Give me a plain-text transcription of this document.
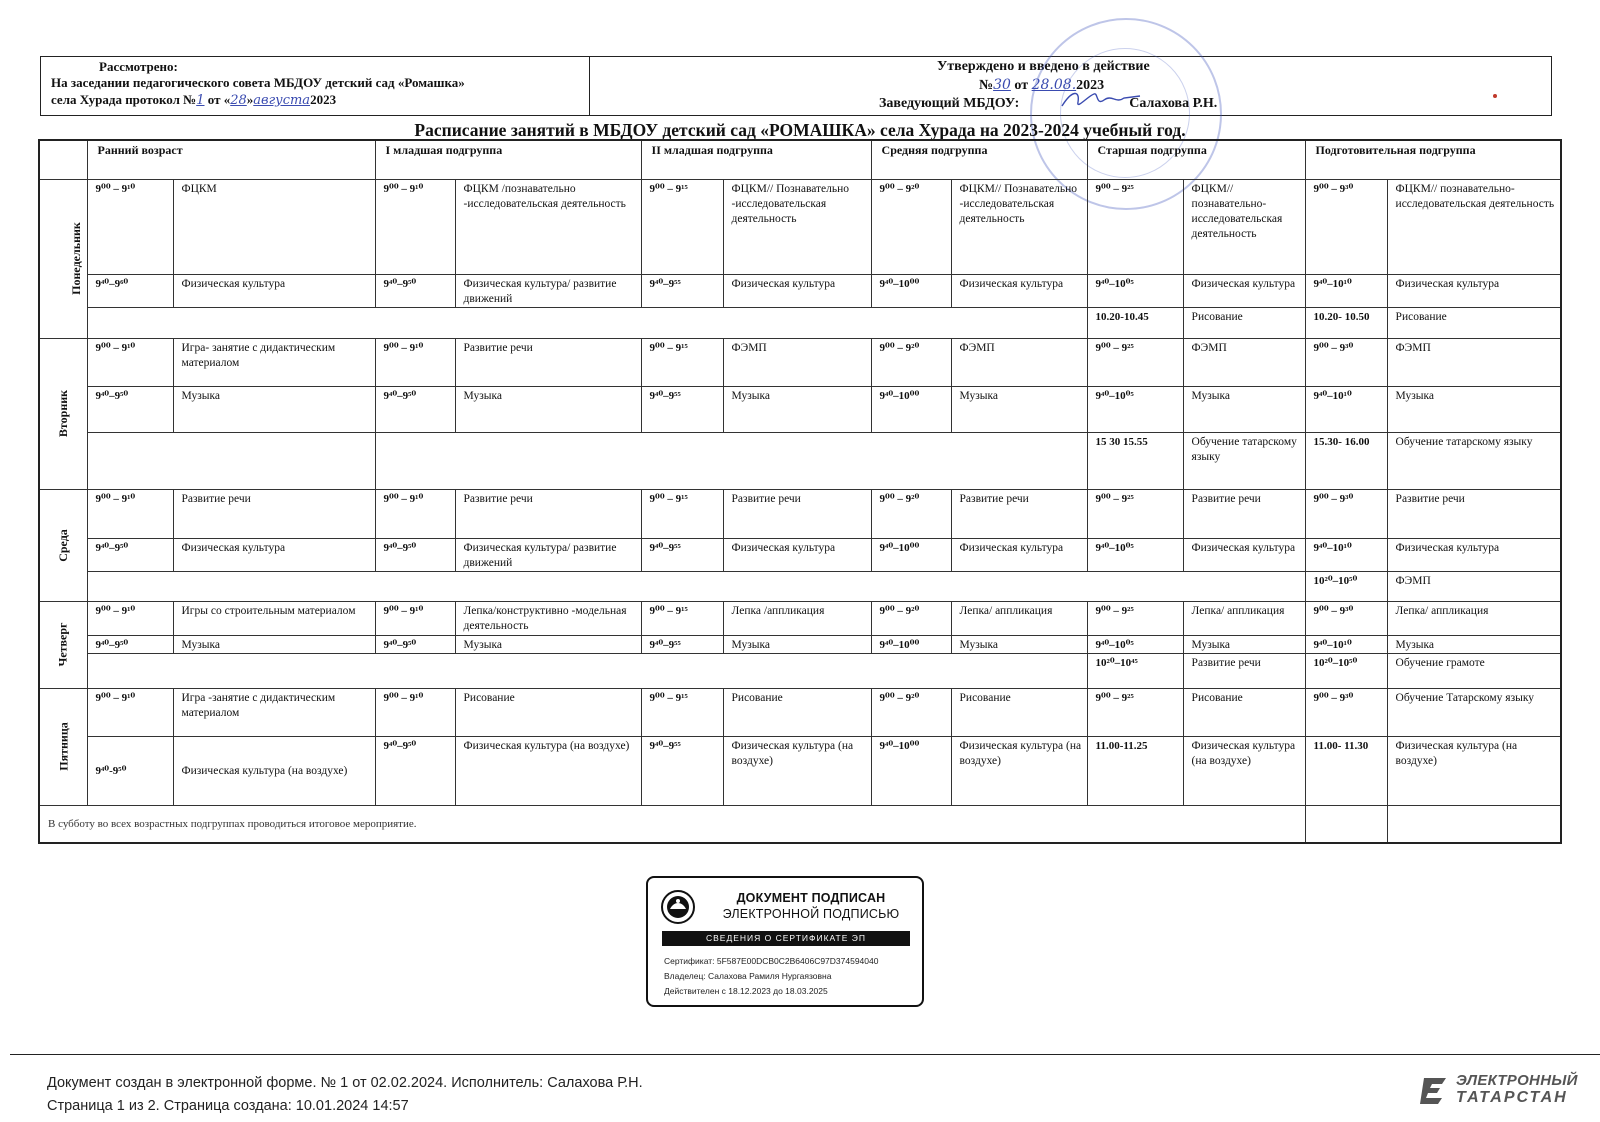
Рассмотрено:
На заседании педагогического совета МБДОУ детский сад «Ромашка»
села Хурада протокол №1 от «28»августа2023
Утверждено и введено в действие
№30 от 28.08.2023
Заведующий МБДОУ:	Салахова Р.Н.
Расписание занятий в МБДОУ детский сад «РОМАШКА» села Хурада на 2023-2024 учебный год.
	Ранний возраст		I младшая подгруппа		II младшая подгруппа		Средняя подгруппа		Старшая подгруппа		Подготовительная подгруппа	
Понедельник	9⁰⁰ – 9¹⁰	ФЦКМ	9⁰⁰ – 9¹⁰	ФЦКМ /познавательно -исследовательская деятельность	9⁰⁰ – 9¹⁵	ФЦКМ// Познавательно -исследовательская деятельность	9⁰⁰ – 9²⁰	ФЦКМ// Познавательно -исследовательская деятельность	9⁰⁰ – 9²⁵	ФЦКМ// познавательно-исследовательская деятельность	9⁰⁰ – 9³⁰	ФЦКМ// познавательно-исследовательская деятельность
	9⁴⁰–9⁶⁰	Физическая культура	9⁴⁰–9⁵⁰	Физическая культура/ развитие движений	9⁴⁰–9⁵⁵	Физическая культура	9⁴⁰–10⁰⁰	Физическая культура	9⁴⁰–10⁰⁵	Физическая культура	9⁴⁰–10¹⁰	Физическая культура
									10.20-10.45	Рисование	10.20- 10.50	Рисование
Вторник	9⁰⁰ – 9¹⁰	Игра- занятие с дидактическим материалом	9⁰⁰ – 9¹⁰	Развитие речи	9⁰⁰ – 9¹⁵	ФЭМП	9⁰⁰ – 9²⁰	ФЭМП	9⁰⁰ – 9²⁵	ФЭМП	9⁰⁰ – 9³⁰	ФЭМП
	9⁴⁰–9⁵⁰	Музыка	9⁴⁰–9⁵⁰	Музыка	9⁴⁰–9⁵⁵	Музыка	9⁴⁰–10⁰⁰	Музыка	9⁴⁰–10⁰⁵	Музыка	9⁴⁰–10¹⁰	Музыка
									15 30 15.55	Обучение татарскому языку	15.30- 16.00	Обучение татарскому языку
Среда	9⁰⁰ – 9¹⁰	Развитие речи	9⁰⁰ – 9¹⁰	Развитие речи	9⁰⁰ – 9¹⁵	Развитие речи	9⁰⁰ – 9²⁰	Развитие речи	9⁰⁰ – 9²⁵	Развитие речи	9⁰⁰ – 9³⁰	Развитие речи
	9⁴⁰–9⁵⁰	Физическая культура	9⁴⁰–9⁵⁰	Физическая культура/ развитие движений	9⁴⁰–9⁵⁵	Физическая культура	9⁴⁰–10⁰⁰	Физическая культура	9⁴⁰–10⁰⁵	Физическая культура	9⁴⁰–10¹⁰	Физическая культура
											10²⁰–10⁵⁰	ФЭМП
Четверг	9⁰⁰ – 9¹⁰	Игры со строительным материалом	9⁰⁰ – 9¹⁰	Лепка/конструктивно -модельная деятельность	9⁰⁰ – 9¹⁵	Лепка /аппликация	9⁰⁰ – 9²⁰	Лепка/ аппликация	9⁰⁰ – 9²⁵	Лепка/ аппликация	9⁰⁰ – 9³⁰	Лепка/ аппликация
	9⁴⁰–9⁵⁰	Музыка	9⁴⁰–9⁵⁰	Музыка	9⁴⁰–9⁵⁵	Музыка	9⁴⁰–10⁰⁰	Музыка	9⁴⁰–10⁰⁵	Музыка	9⁴⁰–10¹⁰	Музыка
									10²⁰–10⁴⁵	Развитие речи	10²⁰–10⁵⁰	Обучение грамоте
Пятница	9⁰⁰ – 9¹⁰	Игра -занятие с дидактическим материалом	9⁰⁰ – 9¹⁰	Рисование	9⁰⁰ – 9¹⁵	Рисование	9⁰⁰ – 9²⁰	Рисование	9⁰⁰ – 9²⁵	Рисование	9⁰⁰ – 9³⁰	Обучение Татарскому языку
	9⁴⁰-9⁵⁰	Физическая культура (на воздухе)	9⁴⁰–9⁵⁰	Физическая культура (на воздухе)	9⁴⁰–9⁵⁵	Физическая культура (на воздухе)	9⁴⁰–10⁰⁰	Физическая культура (на воздухе)	11.00-11.25	Физическая культура (на воздухе)	11.00- 11.30	Физическая культура (на воздухе)
В субботу во всех возрастных подгруппах проводиться итоговое мероприятие.												
ДОКУМЕНТ ПОДПИСАН
ЭЛЕКТРОННОЙ ПОДПИСЬЮ
СВЕДЕНИЯ О СЕРТИФИКАТЕ ЭП
Сертификат: 5F587E00DCB0C2B6406C97D374594040
Владелец: Салахова Рамиля Нургаязовна
Действителен с 18.12.2023 до 18.03.2025
Документ создан в электронной форме. № 1 от 02.02.2024. Исполнитель: Салахова Р.Н.
Страница 1 из 2. Страница создана: 10.01.2024 14:57
ЭЛЕКТРОННЫЙ
ТАТАРСТАН
